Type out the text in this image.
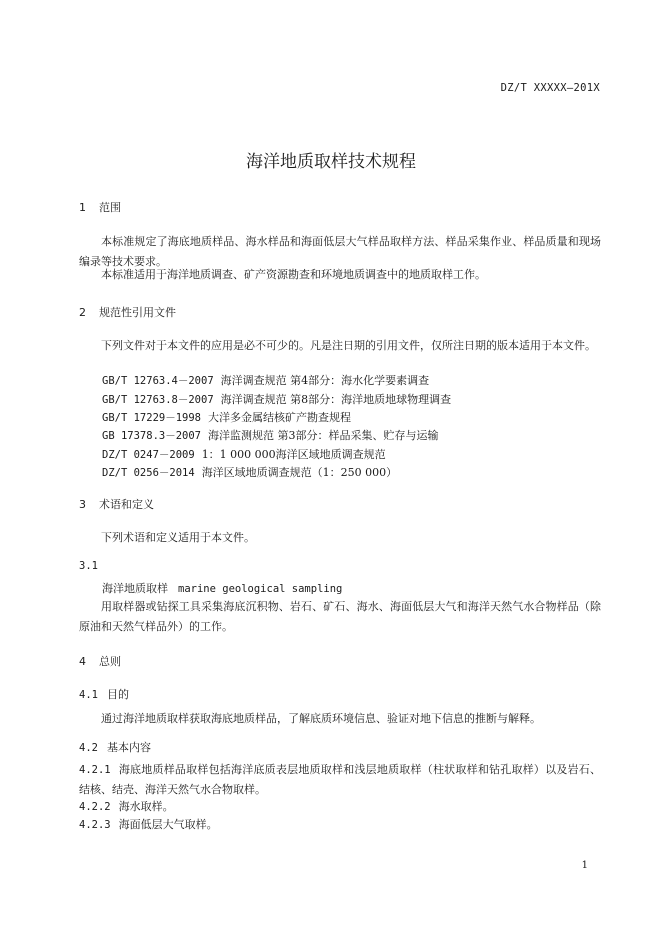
DZ/T XXXXX—201X
海洋地质取样技术规程
1 范围
本标准规定了海底地质样品、海水样品和海面低层大气样品取样方法、样品采集作业、样品质量和现场编录等技术要求。
本标准适用于海洋地质调查、矿产资源勘查和环境地质调查中的地质取样工作。
2 规范性引用文件
下列文件对于本文件的应用是必不可少的。凡是注日期的引用文件，仅所注日期的版本适用于本文件。
GB/T 12763.4－2007 海洋调查规范 第4部分：海水化学要素调查
GB/T 12763.8－2007 海洋调查规范 第8部分：海洋地质地球物理调查
GB/T 17229－1998 大洋多金属结核矿产勘查规程
GB 17378.3－2007 海洋监测规范 第3部分：样品采集、贮存与运输
DZ/T 0247－2009 1：1 000 000海洋区域地质调查规范
DZ/T 0256－2014 海洋区域地质调查规范（1：250 000）
3 术语和定义
下列术语和定义适用于本文件。
3.1
海洋地质取样 marine geological sampling
用取样器或钻探工具采集海底沉积物、岩石、矿石、海水、海面低层大气和海洋天然气水合物样品（除原油和天然气样品外）的工作。
4 总则
4.1 目的
通过海洋地质取样获取海底地质样品，了解底质环境信息、验证对地下信息的推断与解释。
4.2 基本内容
4.2.1 海底地质样品取样包括海洋底质表层地质取样和浅层地质取样（柱状取样和钻孔取样）以及岩石、结核、结壳、海洋天然气水合物取样。
4.2.2 海水取样。
4.2.3 海面低层大气取样。
1
